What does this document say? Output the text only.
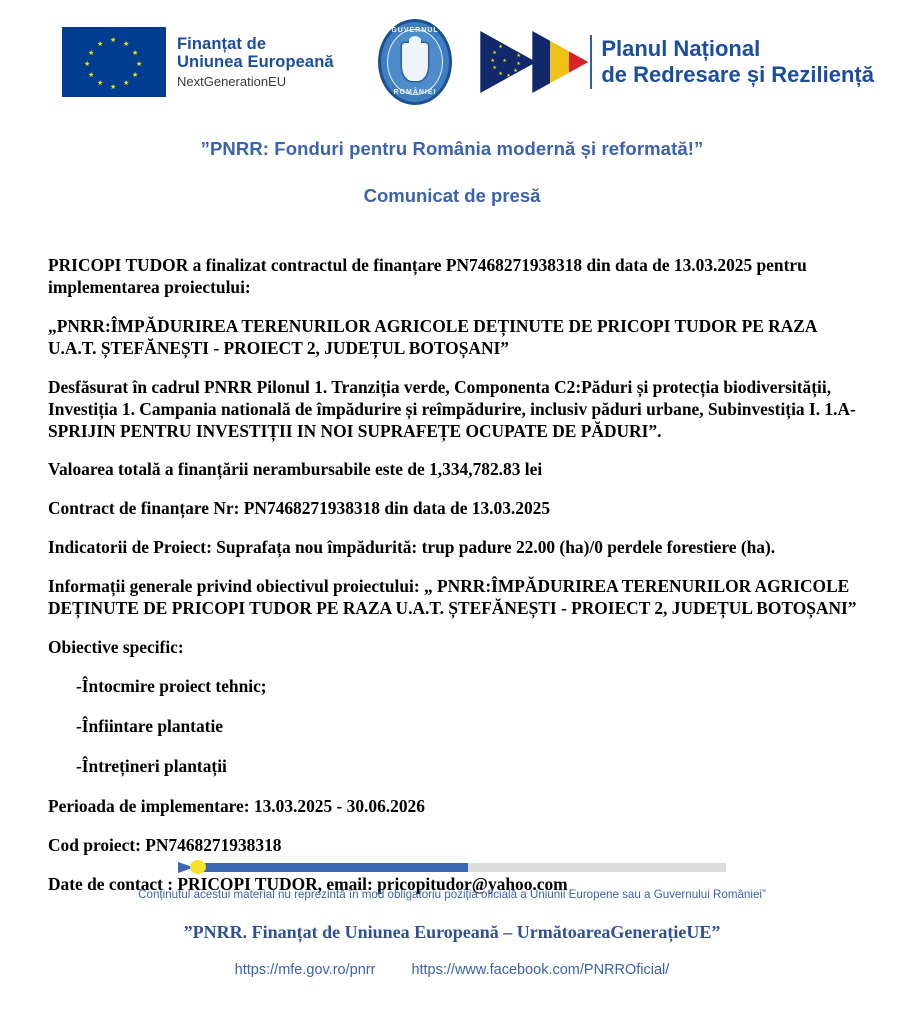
★
★
★
★
★
★
★
★
★
★
★
★
Finanțat de
Uniunea Europeană
NextGenerationEU
GUVERNUL
ROMÂNIEI
★
★
★
★
★
★
★
★
★
★
★
★
Planul Național
de Redresare și Reziliență
”PNRR: Fonduri pentru România modernă și reformată!”
Comunicat de presă

PRICOPI TUDOR a finalizat contractul de finanțare PN7468271938318 din data de 13.03.2025 pentru implementarea proiectului:

„PNRR:ÎMPĂDURIREA TERENURILOR AGRICOLE DEȚINUTE DE PRICOPI TUDOR PE RAZA U.A.T. ȘTEFĂNEȘTI - PROIECT 2, JUDEȚUL BOTOȘANI”

Desfăsurat în cadrul PNRR Pilonul 1. Tranziția verde, Componenta C2:Păduri și protecția biodiversității, Investiția 1. Campania natională de împădurire și reîmpădurire, inclusiv păduri urbane, Subinvestiția I. 1.A-SPRIJIN PENTRU INVESTIȚII IN NOI SUPRAFEȚE OCUPATE DE PĂDURI”.

Valoarea totală a finanțării nerambursabile este de 1,334,782.83 lei

Contract de finanțare Nr: PN7468271938318 din data de 13.03.2025

Indicatorii de Proiect: Suprafața nou împădurită: trup padure 22.00 (ha)/0 perdele forestiere (ha).

Informații generale privind obiectivul proiectului: „ PNRR:ÎMPĂDURIREA TERENURILOR AGRICOLE DEȚINUTE DE PRICOPI TUDOR PE RAZA U.A.T. ȘTEFĂNEȘTI - PROIECT 2, JUDEȚUL BOTOȘANI”

Obiective specific:

-Întocmire proiect tehnic;

-Înfiintare plantatie

-Întrețineri plantații

Perioada de implementare: 13.03.2025 - 30.06.2026

Cod proiect: PN7468271938318

Date de contact : PRICOPI TUDOR, email: pricopitudor@yahoo.com

Conținutul acestui material nu reprezintă în mod obligatoriu poziția oficială a Uniunii Europene sau a Guvernului României”
”PNRR. Finanțat de Uniunea Europeană – UrmătoareaGenerațieUE”
https://mfe.gov.ro/pnrr https://www.facebook.com/PNRROficial/
